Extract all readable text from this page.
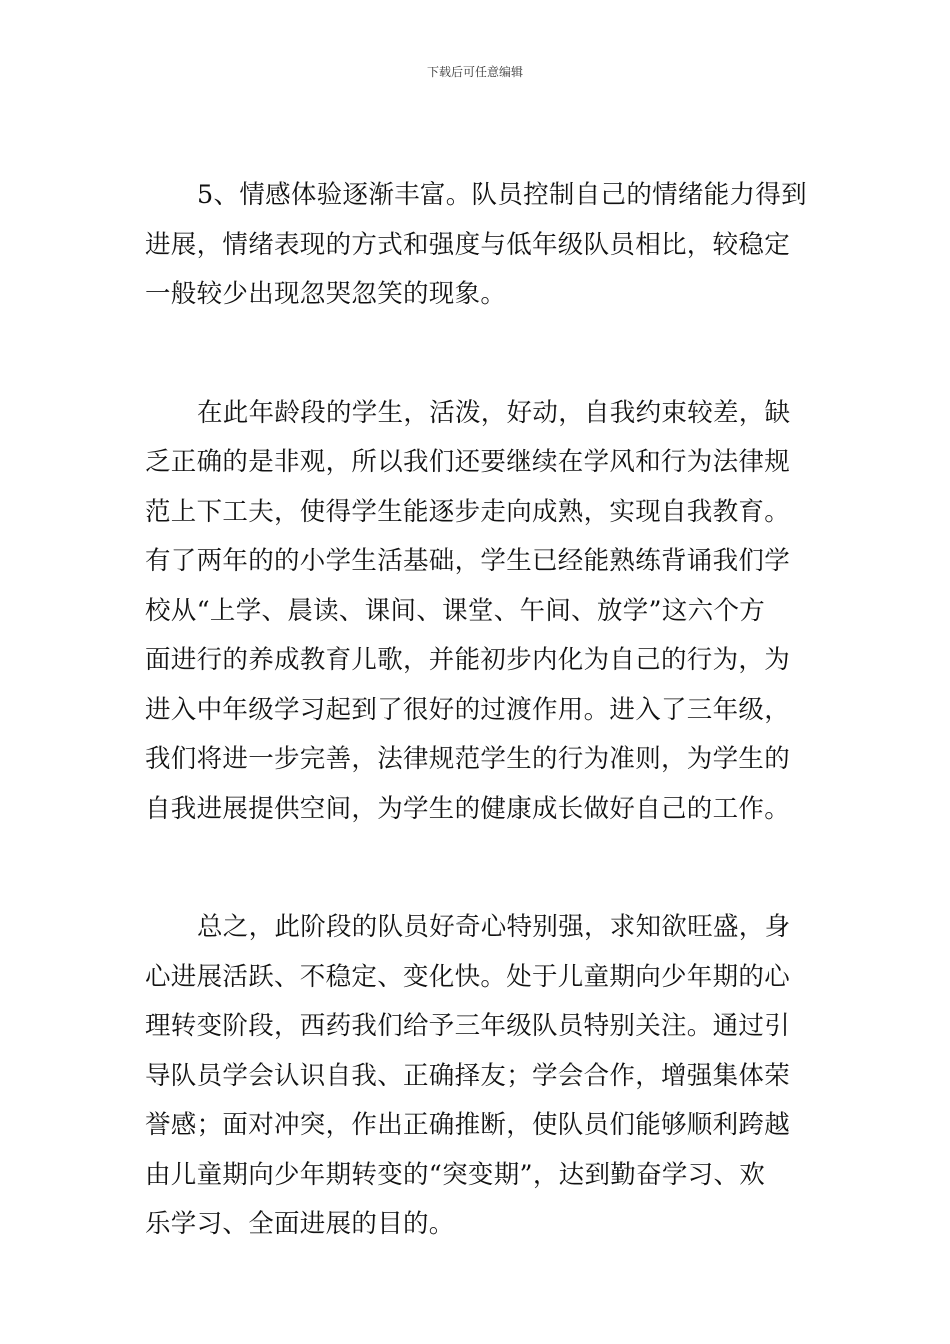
下载后可任意编辑

5、情感体验逐渐丰富。队员控制自己的情绪能力得到
进展，情绪表现的方式和强度与低年级队员相比，较稳定
一般较少出现忽哭忽笑的现象。

在此年龄段的学生，活泼，好动，自我约束较差，缺
乏正确的是非观，所以我们还要继续在学风和行为法律规
范上下工夫，使得学生能逐步走向成熟，实现自我教育。
有了两年的的小学生活基础，学生已经能熟练背诵我们学
校从“上学、晨读、课间、课堂、午间、放学”这六个方
面进行的养成教育儿歌，并能初步内化为自己的行为，为
进入中年级学习起到了很好的过渡作用。进入了三年级，
我们将进一步完善，法律规范学生的行为准则，为学生的
自我进展提供空间，为学生的健康成长做好自己的工作。

总之，此阶段的队员好奇心特别强，求知欲旺盛，身
心进展活跃、不稳定、变化快。处于儿童期向少年期的心
理转变阶段，西药我们给予三年级队员特别关注。通过引
导队员学会认识自我、正确择友；学会合作，增强集体荣
誉感；面对冲突，作出正确推断，使队员们能够顺利跨越
由儿童期向少年期转变的“突变期”，达到勤奋学习、欢
乐学习、全面进展的目的。
